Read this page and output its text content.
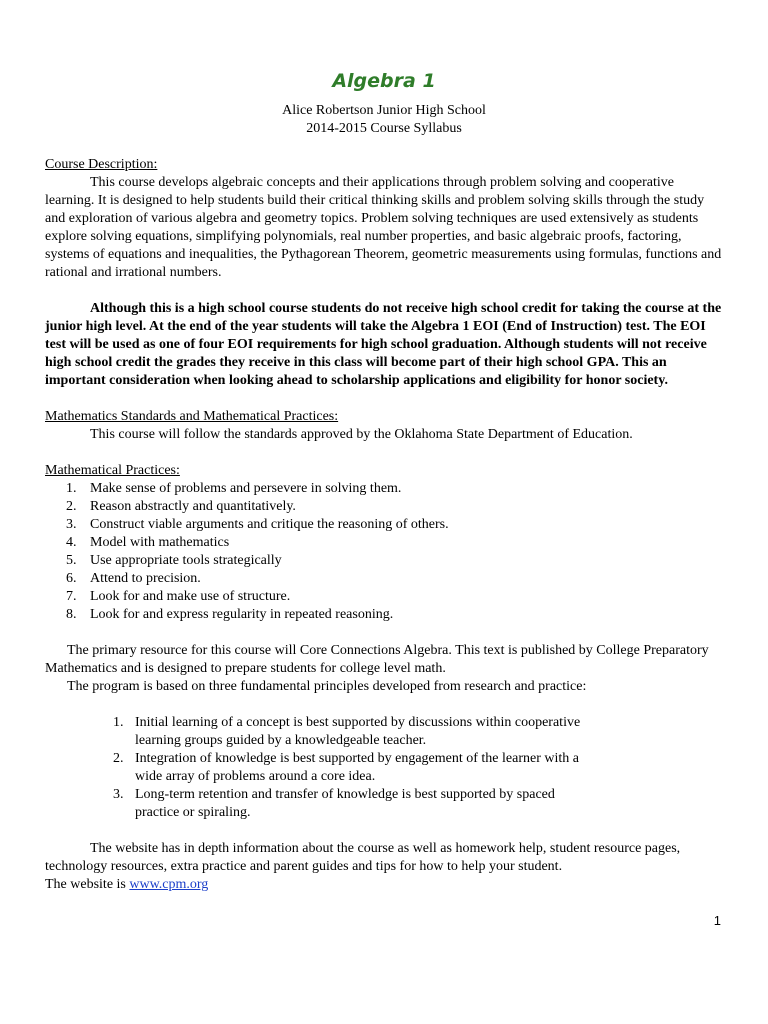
Algebra 1
Alice Robertson Junior High School
2014-2015 Course Syllabus
Course Description:

This course develops algebraic concepts and their applications through problem solving and cooperative learning. It is designed to help students build their critical thinking skills and problem solving skills through the study and exploration of various algebra and geometry topics. Problem solving techniques are used extensively as students explore solving equations, simplifying polynomials, real number properties, and basic algebraic proofs, factoring, systems of equations and inequalities, the Pythagorean Theorem, geometric measurements using formulas, functions and rational and irrational numbers.

Although this is a high school course students do not receive high school credit for taking the course at the junior high level. At the end of the year students will take the Algebra 1 EOI (End of Instruction) test. The EOI test will be used as one of four EOI requirements for high school graduation. Although students will not receive high school credit the grades they receive in this class will become part of their high school GPA. This an important consideration when looking ahead to scholarship applications and eligibility for honor society.

Mathematics Standards and Mathematical Practices:

This course will follow the standards approved by the Oklahoma State Department of Education.

Mathematical Practices:
1. Make sense of problems and persevere in solving them.
2. Reason abstractly and quantitatively.
3. Construct viable arguments and critique the reasoning of others.
4. Model with mathematics
5. Use appropriate tools strategically
6. Attend to precision.
7. Look for and make use of structure.
8. Look for and express regularity in repeated reasoning.

The primary resource for this course will Core Connections Algebra. This text is published by College Preparatory Mathematics and is designed to prepare students for college level math.

The program is based on three fundamental principles developed from research and practice:

1. Initial learning of a concept is best supported by discussions within cooperative learning groups guided by a knowledgeable teacher.
2. Integration of knowledge is best supported by engagement of the learner with a wide array of problems around a core idea.
3. Long-term retention and transfer of knowledge is best supported by spaced practice or spiraling.

The website has in depth information about the course as well as homework help, student resource pages, technology resources, extra practice and parent guides and tips for how to help your student.

The website is www.cpm.org

1
